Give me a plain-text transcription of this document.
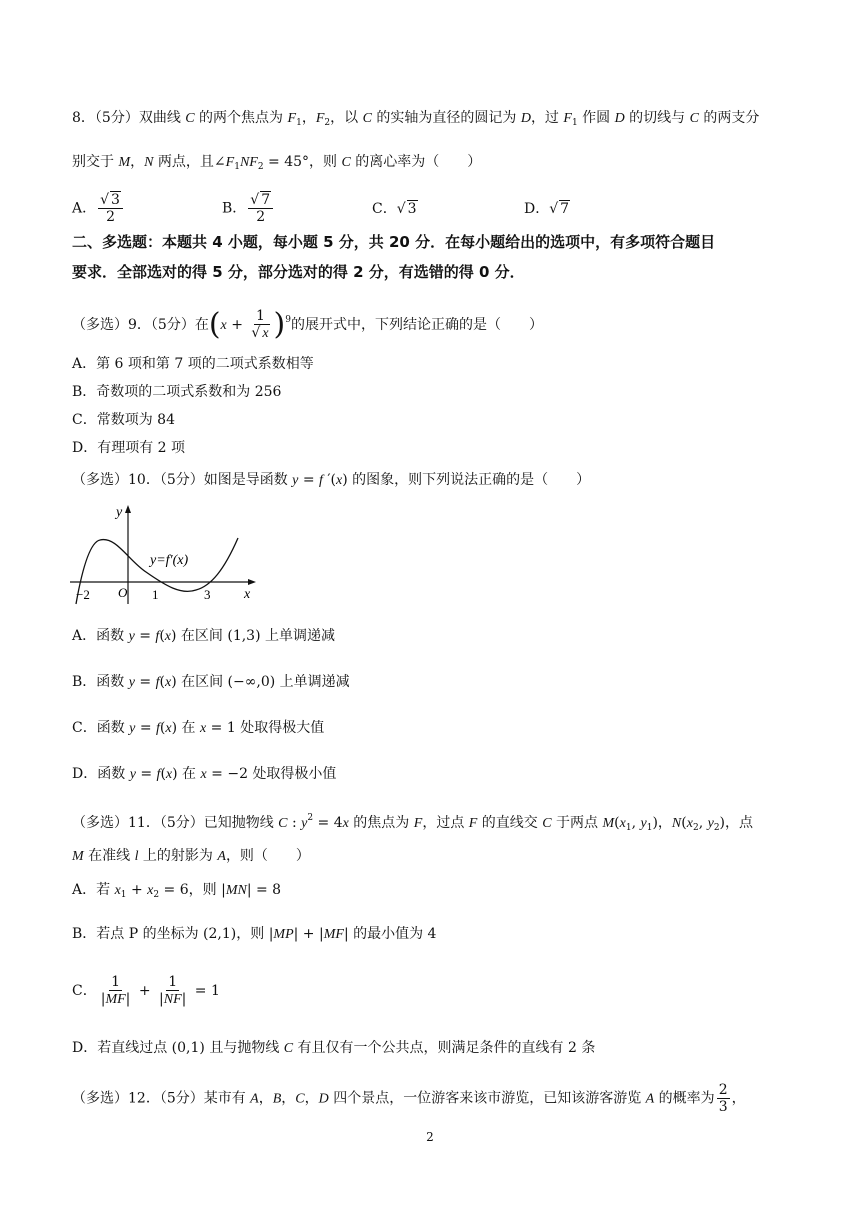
8．（5分）双曲线 C 的两个焦点为 $F_1$，$F_2$，以 C 的实轴为直径的圆记为 D，过 $F_1$ 作圆 D 的切线与 C 的两支分
别交于 M，N 两点，且$\angle F_1NF_2 = 45^\circ$，则 C 的离心率为（　　）
A． $\frac{√ 3}{2}$	B． $\frac{√ 7}{2}$	C．√ 3	D．√ 7
二、多选题：本题共 4 小题，每小题 5 分，共 20 分．在每小题给出的选项中，有多项符合题目
要求．全部选对的得 5 分，部分选对的得 2 分，有选错的得 0 分．
（多选）9．（5分）在$(x + \frac{1}{√ x} )^9$的展开式中，下列结论正确的是（　　）
A．第 6 项和第 7 项的二项式系数相等
B．奇数项的二项式系数和为 256
C．常数项为 84
D．有理项有 2 项
（多选）10．（5分）如图是导函数 y = f ′(x) 的图象，则下列说法正确的是（　　）
y
x
O
−2	1	3
y=f′(x)
A．函数 y = f(x) 在区间 (1,3) 上单调递减
B．函数 y = f(x) 在区间 (−∞,0) 上单调递减
C．函数 y = f(x) 在 x = 1 处取得极大值
D．函数 y = f(x) 在 x = −2 处取得极小值
（多选）11．（5分）已知抛物线 C : $y^2 = 4x$ 的焦点为 F，过点 F 的直线交 C 于两点 $M(x_1$, $y_1$)，$N(x_2$, $y_2$)，点
M 在准线 l 上的射影为 A，则（　　）
A．若 $x_1 + x_2 = 6$，则 |MN| = 8
B．若点 P 的坐标为 (2,1)，则 |MP| + |MF| 的最小值为 4
C． $\frac{1}{|MF|} + \frac{1}{|NF|} = 1$
D．若直线过点 (0,1) 且与抛物线 C 有且仅有一个公共点，则满足条件的直线有 2 条
（多选）12．（5分）某市有 A，B，C，D 四个景点，一位游客来该市游览，已知该游客游览 A 的概率为 $\frac{2}{3}$ ，
2
